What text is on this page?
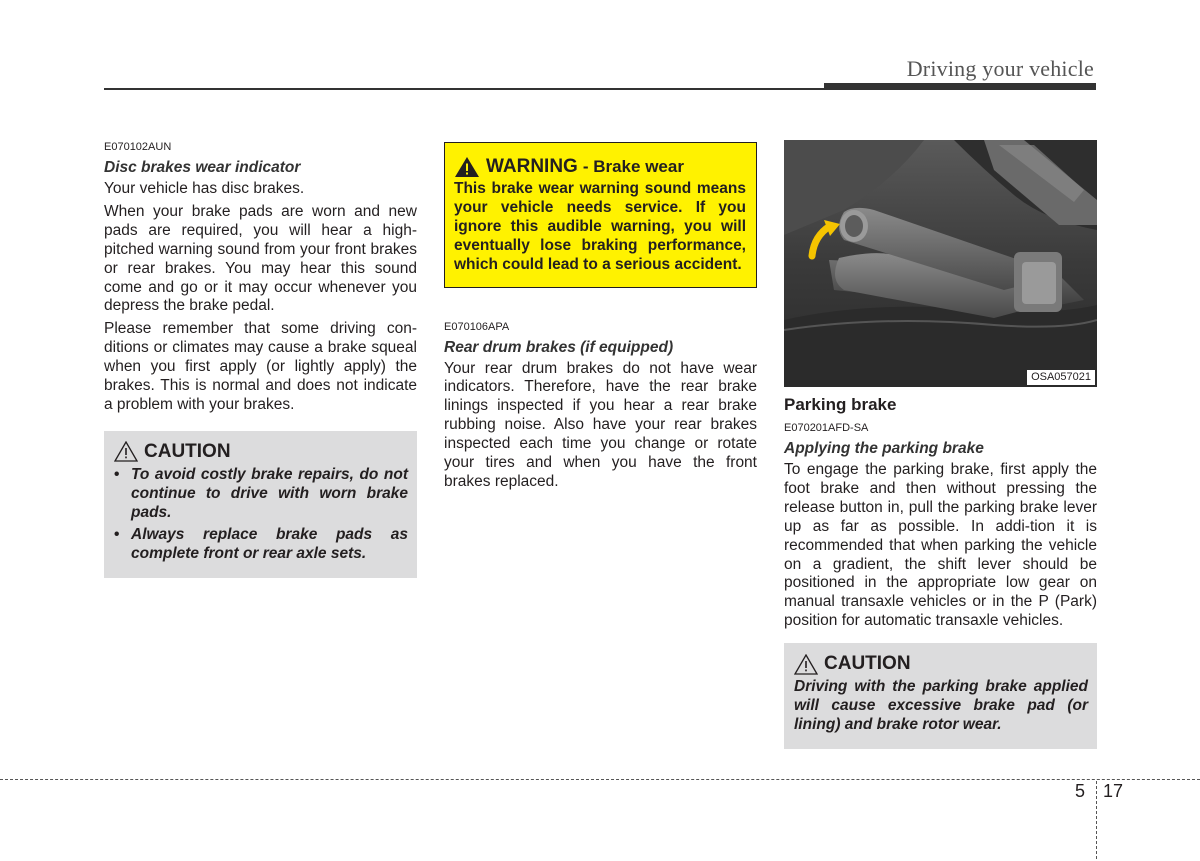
Driving your vehicle
E070102AUN
Disc brakes wear indicator

Your vehicle has disc brakes.

When your brake pads are worn and new pads are required, you will hear a high-pitched warning sound from your front brakes or rear brakes. You may hear this sound come and go or it may occur whenever you depress the brake pedal.

Please remember that some driving con-ditions or climates may cause a brake squeal when you first apply (or lightly apply) the brakes. This is normal and does not indicate a problem with your brakes.

CAUTION
• To avoid costly brake repairs, do not continue to drive with worn brake pads.
• Always replace brake pads as complete front or rear axle sets.
WARNING - Brake wear
This brake wear warning sound means your vehicle needs service. If you ignore this audible warning, you will eventually lose braking performance, which could lead to a serious accident.
E070106APA
Rear drum brakes (if equipped)

Your rear drum brakes do not have wear indicators. Therefore, have the rear brake linings inspected if you hear a rear brake rubbing noise. Also have your rear brakes inspected each time you change or rotate your tires and when you have the front brakes replaced.

OSA057021
Parking brake
E070201AFD-SA
Applying the parking brake

To engage the parking brake, first apply the foot brake and then without pressing the release button in, pull the parking brake lever up as far as possible. In addi-tion it is recommended that when parking the vehicle on a gradient, the shift lever should be positioned in the appropriate low gear on manual transaxle vehicles or in the P (Park) position for automatic transaxle vehicles.

CAUTION
Driving with the parking brake applied will cause excessive brake pad (or lining) and brake rotor wear.
5 17
